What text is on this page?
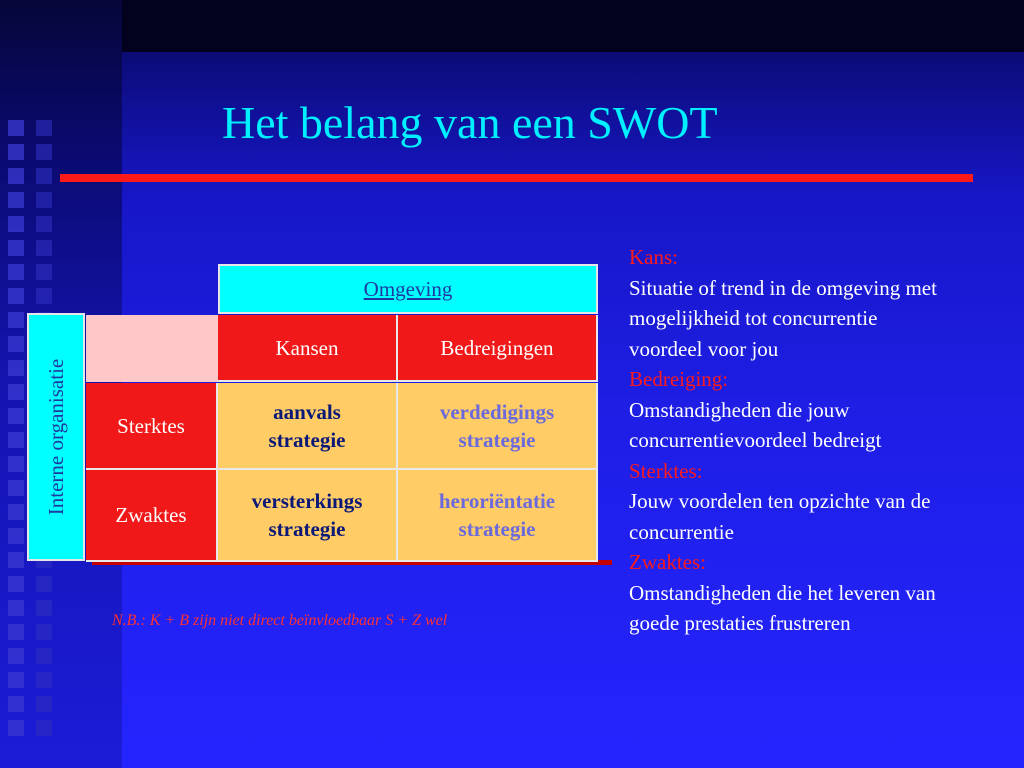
Het belang van een SWOT
Omgeving
Interne organisatie
Kansen	Bedreigingen
Sterktes
Zwaktes
aanvals
strategie
verdedigings
strategie
versterkings
strategie
heroriëntatie
strategie

N.B.: K + B zijn niet direct beïnvloedbaar S + Z wel

Kans:

Situatie of trend in de omgeving met

mogelijkheid tot concurrentie

voordeel voor jou

Bedreiging:

Omstandigheden die jouw

concurrentievoordeel bedreigt

Sterktes:

Jouw voordelen ten opzichte van de

concurrentie

Zwaktes:

Omstandigheden die het leveren van

goede prestaties frustreren
